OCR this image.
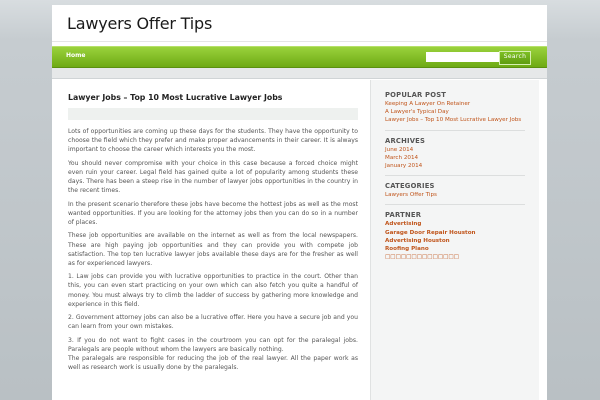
Lawyers Offer Tips
Home	Search
Lawyer Jobs – Top 10 Most Lucrative Lawyer Jobs

Lots of opportunities are coming up these days for the students. They have the opportunity to choose the field which they prefer and make proper advancements in their career. It is always important to choose the career which interests you the most.

You should never compromise with your choice in this case because a forced choice might even ruin your career. Legal field has gained quite a lot of popularity among students these days. There has been a steep rise in the number of lawyer jobs opportunities in the country in the recent times.

In the present scenario therefore these jobs have become the hottest jobs as well as the most wanted opportunities. If you are looking for the attorney jobs then you can do so in a number of places.

These job opportunities are available on the internet as well as from the local newspapers. These are high paying job opportunities and they can provide you with compete job satisfaction. The top ten lucrative lawyer jobs available these days are for the fresher as well as for experienced lawyers.

1. Law jobs can provide you with lucrative opportunities to practice in the court. Other than this, you can even start practicing on your own which can also fetch you quite a handful of money. You must always try to climb the ladder of success by gathering more knowledge and experience in this field.

2. Government attorney jobs can also be a lucrative offer. Here you have a secure job and you can learn from your own mistakes.

3. If you do not want to fight cases in the courtroom you can opt for the paralegal jobs. Paralegals are people without whom the lawyers are basically nothing.

The paralegals are responsible for reducing the job of the real lawyer. All the paper work as well as research work is usually done by the paralegals.

POPULAR POST
Keeping A Lawyer On Retainer
A Lawyer's Typical Day
Lawyer Jobs – Top 10 Most Lucrative Lawyer Jobs
ARCHIVES
June 2014
March 2014
January 2014
CATEGORIES
Lawyers Offer Tips
PARTNER
Advertising
Garage Door Repair Houston
Advertising Houston
Roofing Plano
□□□□□□□□□□□□□□
